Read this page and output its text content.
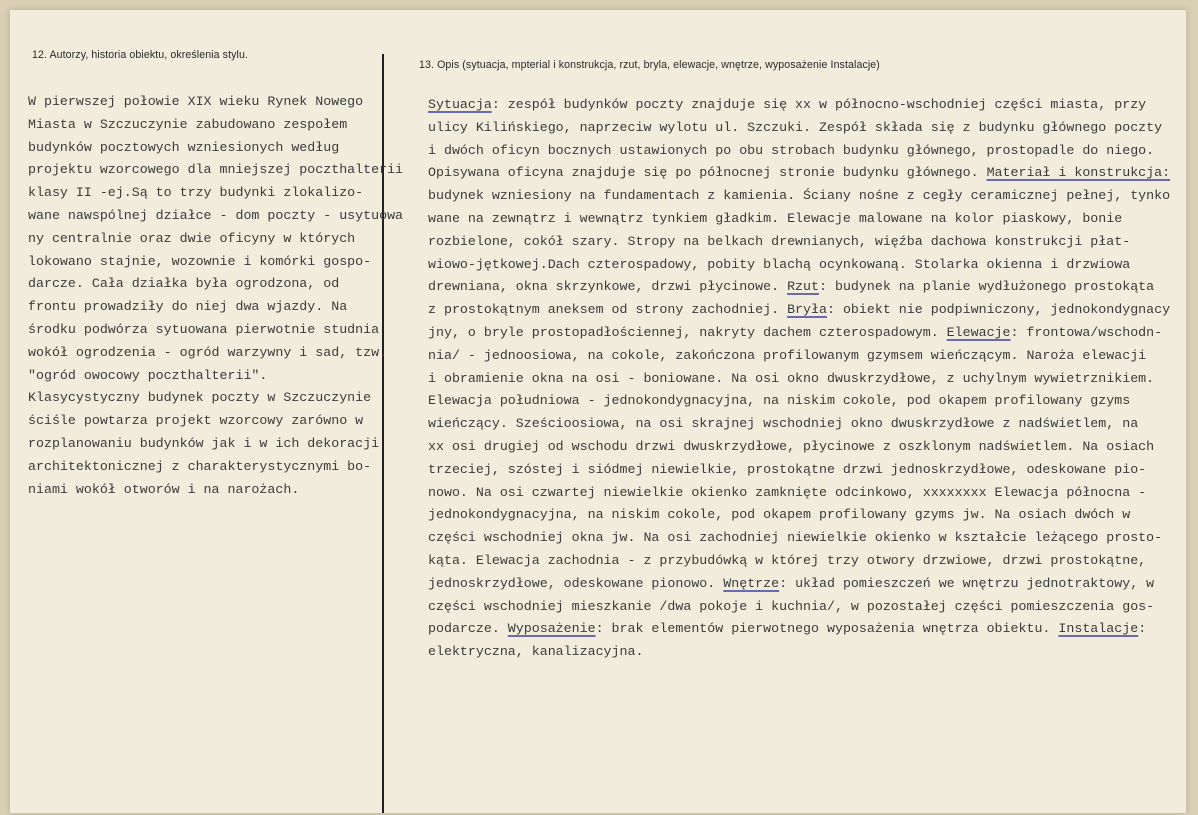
12. Autorzy, historia obiektu, określenia stylu.
13. Opis (sytuacja, mpterial i konstrukcja, rzut, bryla, elewacje, wnętrze, wyposażenie Instalacje)
W pierwszej połowie XIX wieku Rynek Nowego
Miasta w Szczuczynie zabudowano zespołem
budynków pocztowych wzniesionych według
projektu wzorcowego dla mniejszej poczthalterii
klasy II -ej.Są to trzy budynki zlokalizo-
wane nawspólnej działce - dom poczty - usytuowa
ny centralnie oraz dwie oficyny w których
lokowano stajnie, wozownie i komórki gospo-
darcze. Cała działka była ogrodzona, od
frontu prowadziły do niej dwa wjazdy. Na
środku podwórza sytuowana pierwotnie studnia
wokół ogrodzenia - ogród warzywny i sad, tzw.
"ogród owocowy poczthalterii".
Klasycystyczny budynek poczty w Szczuczynie
ściśle powtarza projekt wzorcowy zarówno w
rozplanowaniu budynków jak i w ich dekoracji
architektonicznej z charakterystycznymi bo-
niami wokół otworów i na narożach.
Sytuacja: zespół budynków poczty znajduje się xx w północno-wschodniej części miasta, przy
ulicy Kilińskiego, naprzeciw wylotu ul. Szczuki. Zespół składa się z budynku głównego poczty
i dwóch oficyn bocznych ustawionych po obu strobach budynku głównego, prostopadle do niego.
Opisywana oficyna znajduje się po północnej stronie budynku głównego. Materiał i konstrukcja:
budynek wzniesiony na fundamentach z kamienia. Ściany nośne z cegły ceramicznej pełnej, tynko
wane na zewnątrz i wewnątrz tynkiem gładkim. Elewacje malowane na kolor piaskowy, bonie
rozbielone, cokół szary. Stropy na belkach drewnianych, więźba dachowa konstrukcji płat-
wiowo-jętkowej.Dach czterospadowy, pobity blachą ocynkowaną. Stolarka okienna i drzwiowa
drewniana, okna skrzynkowe, drzwi płycinowe. Rzut: budynek na planie wydłużonego prostokąta
z prostokątnym aneksem od strony zachodniej. Bryła: obiekt nie podpiwniczony, jednokondygnacy
jny, o bryle prostopadłościennej, nakryty dachem czterospadowym. Elewacje: frontowa/wschodn-
nia/ - jednoosiowa, na cokole, zakończona profilowanym gzymsem wieńczącym. Naroża elewacji
i obramienie okna na osi - boniowane. Na osi okno dwuskrzydłowe, z uchylnym wywietrznikiem.
Elewacja południowa - jednokondygnacyjna, na niskim cokole, pod okapem profilowany gzyms
wieńczący. Sześcioosiowa, na osi skrajnej wschodniej okno dwuskrzydłowe z nadświetlem, na
xx osi drugiej od wschodu drzwi dwuskrzydłowe, płycinowe z oszklonym nadświetlem. Na osiach
trzeciej, szóstej i siódmej niewielkie, prostokątne drzwi jednoskrzydłowe, odeskowane pio-
nowo. Na osi czwartej niewielkie okienko zamknięte odcinkowo, xxxxxxxx Elewacja północna -
jednokondygnacyjna, na niskim cokole, pod okapem profilowany gzyms jw. Na osiach dwóch w
części wschodniej okna jw. Na osi zachodniej niewielkie okienko w kształcie leżącego prosto-
kąta. Elewacja zachodnia - z przybudówką w której trzy otwory drzwiowe, drzwi prostokątne,
jednoskrzydłowe, odeskowane pionowo. Wnętrze: układ pomieszczeń we wnętrzu jednotraktowy, w
części wschodniej mieszkanie /dwa pokoje i kuchnia/, w pozostałej części pomieszczenia gos-
podarcze. Wyposażenie: brak elementów pierwotnego wyposażenia wnętrza obiektu. Instalacje:
elektryczna, kanalizacyjna.
